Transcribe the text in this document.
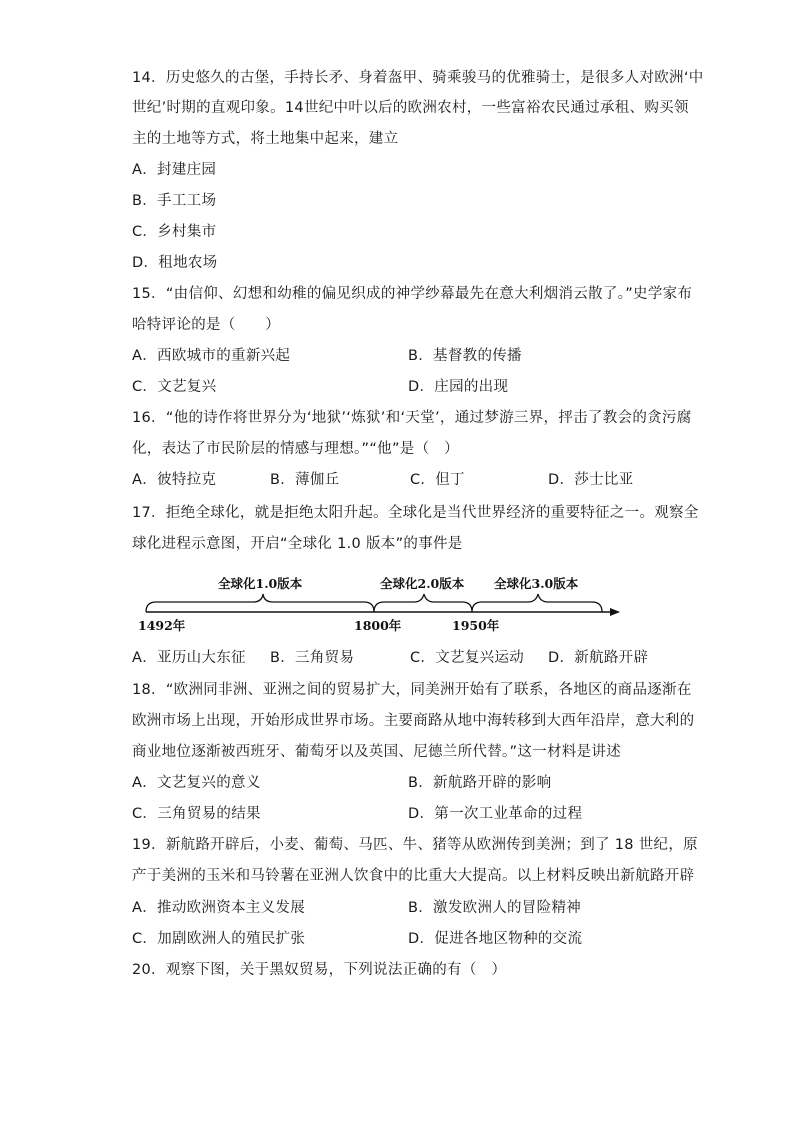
14．历史悠久的古堡，手持长矛、身着盔甲、骑乘骏马的优雅骑士，是很多人对欧洲‘中
世纪’时期的直观印象。14世纪中叶以后的欧洲农村，一些富裕农民通过承租、购买领
主的土地等方式，将土地集中起来，建立
A．封建庄园
B．手工工场
C．乡村集市
D．租地农场
15．“由信仰、幻想和幼稚的偏见织成的神学纱幕最先在意大利烟消云散了。”史学家布
哈特评论的是（　　）
A．西欧城市的重新兴起	B．基督教的传播
C．文艺复兴	D．庄园的出现
16．“他的诗作将世界分为‘地狱’‘炼狱’和‘天堂’，通过梦游三界，抨击了教会的贪污腐
化，表达了市民阶层的情感与理想。”“他”是（　）
A．彼特拉克	B．薄伽丘	C．但丁	D．莎士比亚
17．拒绝全球化，就是拒绝太阳升起。全球化是当代世界经济的重要特征之一。观察全
球化进程示意图，开启“全球化 1.0 版本”的事件是
全球化1.0版本	全球化2.0版本 全球化3.0版本
1492年	1800年	1950年
A．亚历山大东征 B．三角贸易	C．文艺复兴运动 D．新航路开辟
18．“欧洲同非洲、亚洲之间的贸易扩大，同美洲开始有了联系，各地区的商品逐渐在
欧洲市场上出现，开始形成世界市场。主要商路从地中海转移到大西年沿岸，意大利的
商业地位逐渐被西班牙、葡萄牙以及英国、尼德兰所代替。”这一材料是讲述
A．文艺复兴的意义	B．新航路开辟的影响
C．三角贸易的结果	D．第一次工业革命的过程
19．新航路开辟后，小麦、葡萄、马匹、牛、猪等从欧洲传到美洲；到了 18 世纪，原
产于美洲的玉米和马铃薯在亚洲人饮食中的比重大大提高。以上材料反映出新航路开辟
A．推动欧洲资本主义发展	B．激发欧洲人的冒险精神
C．加剧欧洲人的殖民扩张	D．促进各地区物种的交流
20．观察下图，关于黑奴贸易，下列说法正确的有（　）
